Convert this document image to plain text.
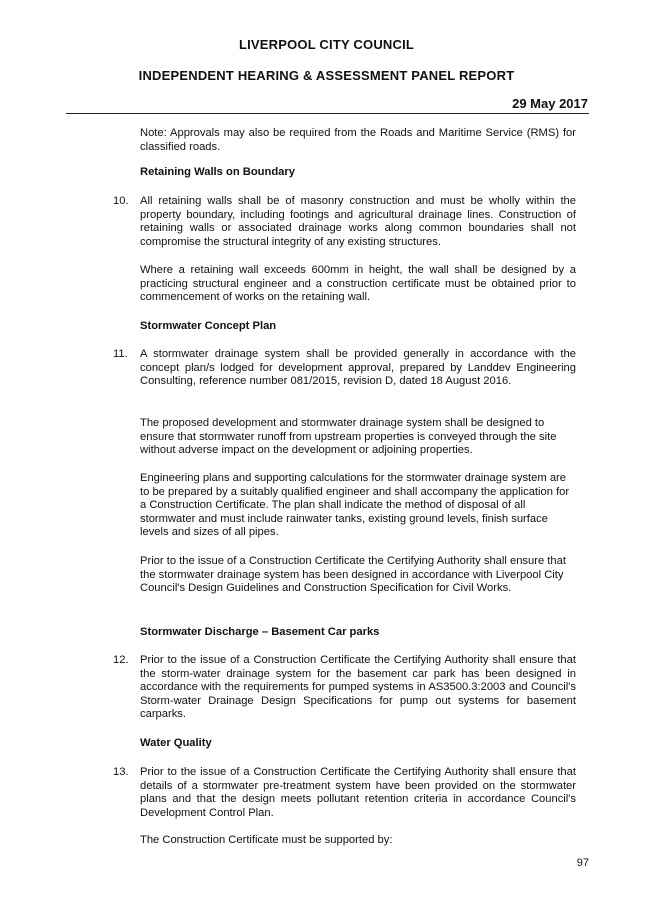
LIVERPOOL CITY COUNCIL
INDEPENDENT HEARING & ASSESSMENT PANEL REPORT
29 May 2017

Note: Approvals may also be required from the Roads and Maritime Service (RMS) for classified roads.

Retaining Walls on Boundary

10. All retaining walls shall be of masonry construction and must be wholly within the property boundary, including footings and agricultural drainage lines. Construction of retaining walls or associated drainage works along common boundaries shall not compromise the structural integrity of any existing structures.

Where a retaining wall exceeds 600mm in height, the wall shall be designed by a practicing structural engineer and a construction certificate must be obtained prior to commencement of works on the retaining wall.

Stormwater Concept Plan

11. A stormwater drainage system shall be provided generally in accordance with the concept plan/s lodged for development approval, prepared by Landdev Engineering Consulting, reference number 081/2015, revision D, dated 18 August 2016.

The proposed development and stormwater drainage system shall be designed to ensure that stormwater runoff from upstream properties is conveyed through the site without adverse impact on the development or adjoining properties.

Engineering plans and supporting calculations for the stormwater drainage system are to be prepared by a suitably qualified engineer and shall accompany the application for a Construction Certificate. The plan shall indicate the method of disposal of all stormwater and must include rainwater tanks, existing ground levels, finish surface levels and sizes of all pipes.

Prior to the issue of a Construction Certificate the Certifying Authority shall ensure that the stormwater drainage system has been designed in accordance with Liverpool City Council's Design Guidelines and Construction Specification for Civil Works.

Stormwater Discharge – Basement Car parks

12. Prior to the issue of a Construction Certificate the Certifying Authority shall ensure that the storm-water drainage system for the basement car park has been designed in accordance with the requirements for pumped systems in AS3500.3:2003 and Council's Storm-water Drainage Design Specifications for pump out systems for basement carparks.

Water Quality

13. Prior to the issue of a Construction Certificate the Certifying Authority shall ensure that details of a stormwater pre-treatment system have been provided on the stormwater plans and that the design meets pollutant retention criteria in accordance Council's Development Control Plan.

The Construction Certificate must be supported by:

97
